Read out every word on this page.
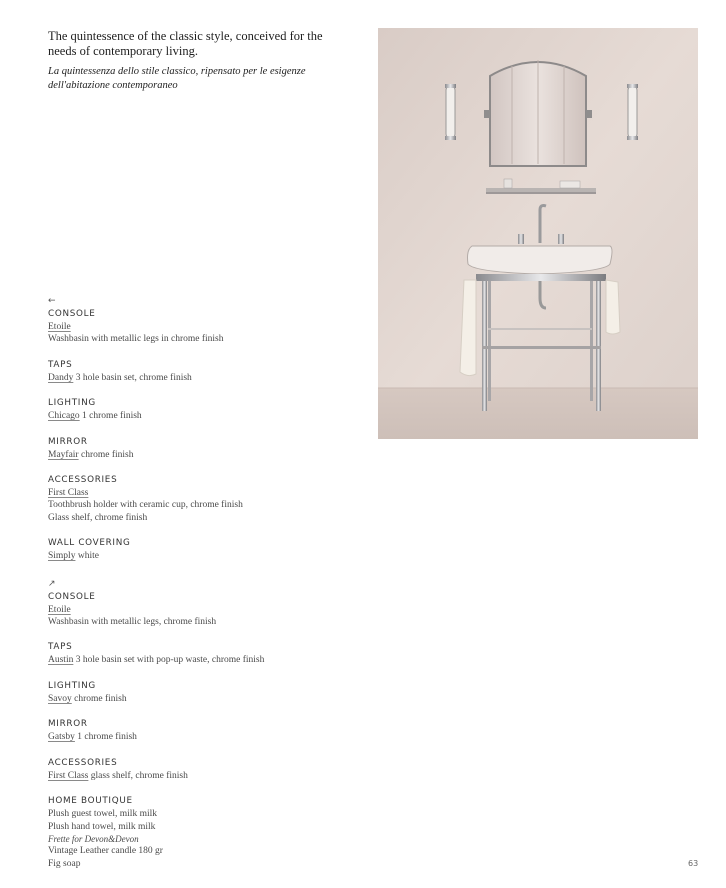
The quintessence of the classic style, conceived for the needs of contemporary living.
La quintessenza dello stile classico, ripensato per le esigenze dell'abitazione contemporaneo
←
CONSOLE
Etoile
Washbasin with metallic legs in chrome finish
TAPS
Dandy 3 hole basin set, chrome finish
LIGHTING
Chicago 1 chrome finish
MIRROR
Mayfair chrome finish
ACCESSORIES
First Class
Toothbrush holder with ceramic cup, chrome finish
Glass shelf, chrome finish
WALL COVERING
Simply white
↗
CONSOLE
Etoile
Washbasin with metallic legs, chrome finish
TAPS
Austin 3 hole basin set with pop-up waste, chrome finish
LIGHTING
Savoy chrome finish
MIRROR
Gatsby 1 chrome finish
ACCESSORIES
First Class glass shelf, chrome finish
HOME BOUTIQUE
Plush guest towel, milk milk
Plush hand towel, milk milk
Frette for Devon&Devon
Vintage Leather candle 180 gr
Fig soap	63
